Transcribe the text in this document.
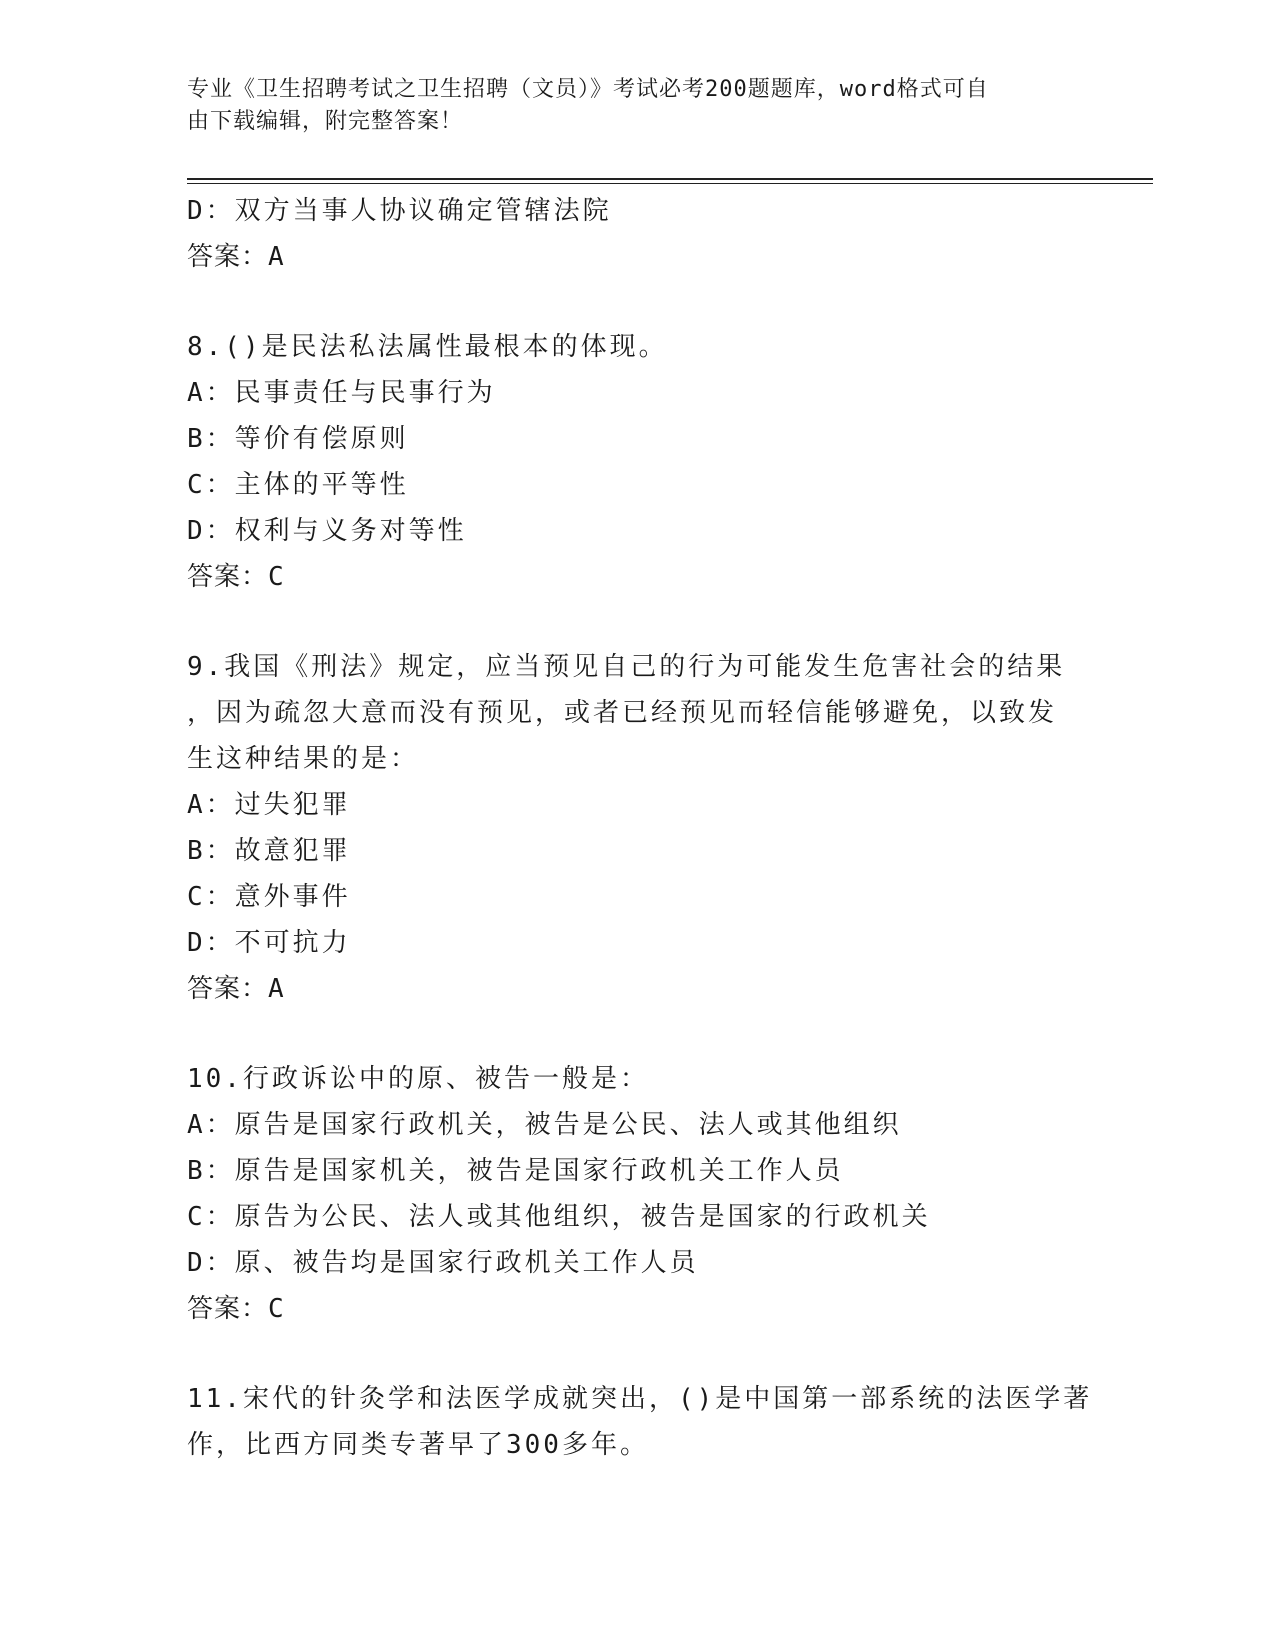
专业《卫生招聘考试之卫生招聘（文员）》考试必考200题题库，word格式可自
由下载编辑，附完整答案！
D：双方当事人协议确定管辖法院
答案：A
8.()是民法私法属性最根本的体现。
A：民事责任与民事行为
B：等价有偿原则
C：主体的平等性
D：权利与义务对等性
答案：C
9.我国《刑法》规定，应当预见自己的行为可能发生危害社会的结果
，因为疏忽大意而没有预见，或者已经预见而轻信能够避免，以致发
生这种结果的是：
A：过失犯罪
B：故意犯罪
C：意外事件
D：不可抗力
答案：A
10.行政诉讼中的原、被告一般是：
A：原告是国家行政机关，被告是公民、法人或其他组织
B：原告是国家机关，被告是国家行政机关工作人员
C：原告为公民、法人或其他组织，被告是国家的行政机关
D：原、被告均是国家行政机关工作人员
答案：C
11.宋代的针灸学和法医学成就突出，()是中国第一部系统的法医学著
作，比西方同类专著早了300多年。
